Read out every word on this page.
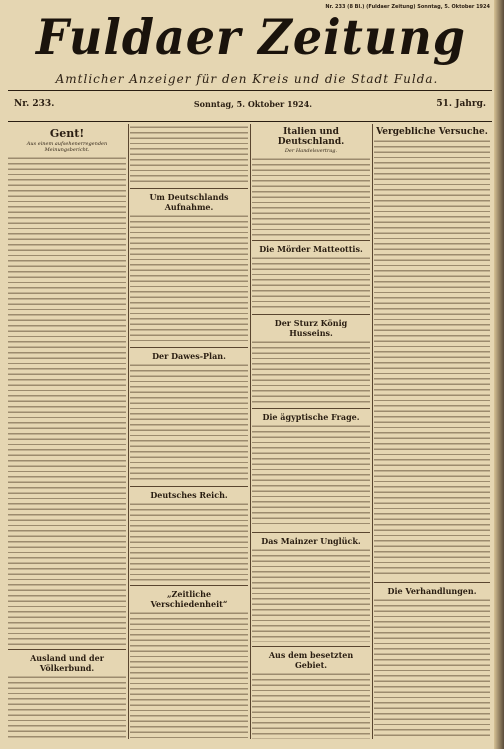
Nr. 233 (8 Bl.) (Fuldaer Zeitung) Sonntag, 5. Oktober 1924
Fuldaer Zeitung
Amtlicher Anzeiger für den Kreis und die Stadt Fulda.
Nr. 233.	Sonntag, 5. Oktober 1924.	51. Jahrg.
Gent!
Aus einem aufsehenerregenden Meinungsbericht.
Ausland und der Völkerbund.
Um Deutschlands Aufnahme.
Der Dawes-Plan.
Deutsches Reich.
„Zeitliche Verschiedenheit“
Italien und Deutschland.
Der Handelsvertrag.
Die Mörder Matteottis.
Der Sturz König Husseins.
Die ägyptische Frage.
Das Mainzer Unglück.
Aus dem besetzten Gebiet.
Vergebliche Versuche.
Die Verhandlungen.
